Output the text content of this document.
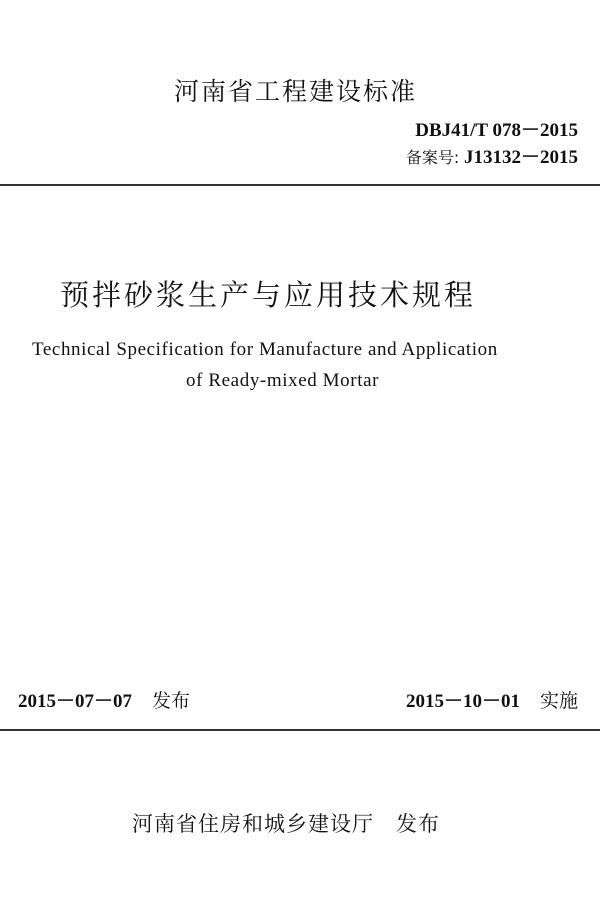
河南省工程建设标准
DBJ41/T 078－2015
备案号: J13132－2015
预拌砂浆生产与应用技术规程
Technical Specification for Manufacture and Application
of Ready-mixed Mortar
2015－07－07 发布	2015－10－01 实施
河南省住房和城乡建设厅 发布
